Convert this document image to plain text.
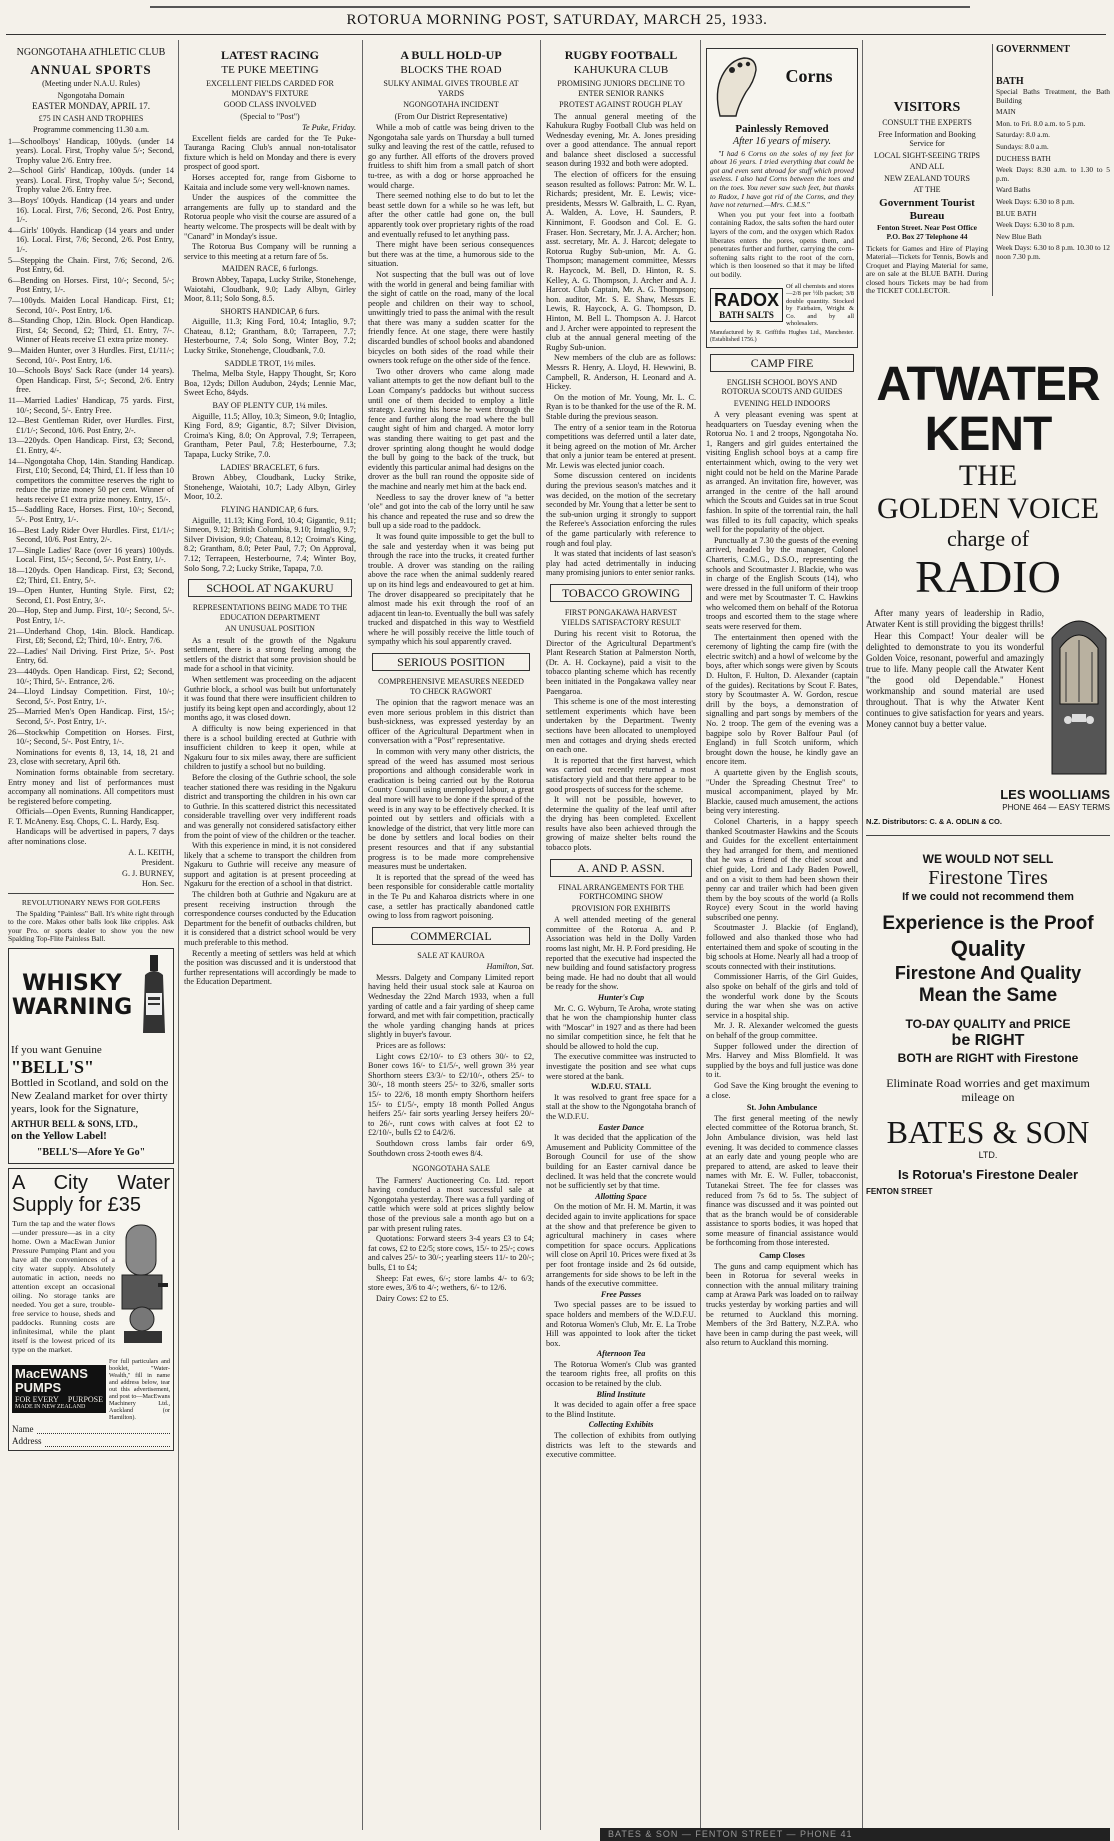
ROTORUA MORNING POST, SATURDAY, MARCH 25, 1933.
NGONGOTAHA ATHLETIC CLUB
ANNUAL SPORTS
(Meeting under N.A.U. Rules)
Ngongotaha Domain
EASTER MONDAY, APRIL 17.
£75 IN CASH AND TROPHIES
Programme commencing 11.30 a.m.

1—Schoolboys' Handicap, 100yds. (under 14 years). Local. First, Trophy value 5/-; Second, Trophy value 2/6. Entry free.

2—School Girls' Handicap, 100yds. (under 14 years). Local. First, Trophy value 5/-; Second, Trophy value 2/6. Entry free.

3—Boys' 100yds. Handicap (14 years and under 16). Local. First, 7/6; Second, 2/6. Post Entry, 1/-.

4—Girls' 100yds. Handicap (14 years and under 16). Local. First, 7/6; Second, 2/6. Post Entry, 1/-.

5—Stepping the Chain. First, 7/6; Second, 2/6. Post Entry, 6d.

6—Bending on Horses. First, 10/-; Second, 5/-; Post Entry, 1/-.

7—100yds. Maiden Local Handicap. First, £1; Second, 10/-. Post Entry, 1/6.

8—Standing Chop, 12in. Block. Open Handicap. First, £4; Second, £2; Third, £1. Entry, 7/-. Winner of Heats receive £1 extra prize money.

9—Maiden Hunter, over 3 Hurdles. First, £1/11/-; Second, 10/-. Post Entry, 1/6.

10—Schools Boys' Sack Race (under 14 years). Open Handicap. First, 5/-; Second, 2/6. Entry free.

11—Married Ladies' Handicap, 75 yards. First, 10/-; Second, 5/-. Entry Free.

12—Best Gentleman Rider, over Hurdles. First, £1/1/-; Second, 10/6. Post Entry, 2/-.

13—220yds. Open Handicap. First, £3; Second, £1. Entry, 4/-.

14—Ngongotaha Chop, 14in. Standing Handicap. First, £10; Second, £4; Third, £1. If less than 10 competitors the committee reserves the right to reduce the prize money 50 per cent. Winner of heats receive £1 extra prize money. Entry, 15/-.

15—Saddling Race, Horses. First, 10/-; Second, 5/-. Post Entry, 1/-.

16—Best Lady Rider Over Hurdles. First, £1/1/-; Second, 10/6. Post Entry, 2/-.

17—Single Ladies' Race (over 16 years) 100yds. Local. First, 15/-; Second, 5/-. Post Entry, 1/-.

18—120yds. Open Handicap. First, £3; Second, £2; Third, £1. Entry, 5/-.

19—Open Hunter, Hunting Style. First, £2; Second, £1. Post Entry, 3/-.

20—Hop, Step and Jump. First, 10/-; Second, 5/-. Post Entry, 1/-.

21—Underhand Chop, 14in. Block. Handicap. First, £8; Second, £2; Third, 10/-. Entry, 7/6.

22—Ladies' Nail Driving. First Prize, 5/-. Post Entry, 6d.

23—440yds. Open Handicap. First, £2; Second, 10/-; Third, 5/-. Entrance, 2/6.

24—Lloyd Lindsay Competition. First, 10/-; Second, 5/-. Post Entry, 1/-.

25—Married Men's Open Handicap. First, 15/-; Second, 5/-. Post Entry, 1/-.

26—Stockwhip Competition on Horses. First, 10/-; Second, 5/-. Post Entry, 1/-.

Nominations for events 8, 13, 14, 18, 21 and 23, close with secretary, April 6th.

Nomination forms obtainable from secretary. Entry money and list of performances must accompany all nominations. All competitors must be registered before competing.

Officials—Open Events, Running Handicapper, F. T. McAneny. Esq. Chops, C. L. Hardy, Esq.

Handicaps will be advertised in papers, 7 days after nominations close.

A. L. KEITH,

President.

G. J. BURNEY,

Hon. Sec.

REVOLUTIONARY NEWS FOR GOLFERS

The Spalding "Painless" Ball. It's white right through to the core. Makes other balls look like cripples. Ask your Pro. or sports dealer to show you the new Spalding Top-Flite Painless Ball.

WHISKY
WARNING
If you want Genuine
"BELL'S"
Bottled in Scotland, and sold on the New Zealand market for over thirty years, look for the Signature,
ARTHUR BELL & SONS, LTD.,
on the Yellow Label!
"BELL'S—Afore Ye Go"
A City Water Supply for £35
Turn the tap and the water flows—under pressure—as in a city home. Own a MacEwan Junior Pressure Pumping Plant and you have all the conveniences of a city water supply. Absolutely automatic in action, needs no attention except an occasional oiling. No storage tanks are needed. You get a sure, trouble-free service to house, sheds and paddocks. Running costs are infinitesimal, while the plant itself is the lowest priced of its type on the market.
MacEWANS PUMPS
FOR EVERY PURPOSE
MADE IN NEW ZEALAND
For full particulars and booklet, "Water-Wealth," fill in name and address below, tear out this advertisement, and post to—MacEwans Machinery Ltd., Auckland (or Hamilton).
Name
Address
LATEST RACING
TE PUKE MEETING
EXCELLENT FIELDS CARDED FOR MONDAY'S FIXTURE
GOOD CLASS INVOLVED
(Special to "Post")

Te Puke, Friday.

Excellent fields are carded for the Te Puke-Tauranga Racing Club's annual non-totalisator fixture which is held on Monday and there is every prospect of good sport.

Horses accepted for, range from Gisborne to Kaitaia and include some very well-known names.

Under the auspices of the committee the arrangements are fully up to standard and the Rotorua people who visit the course are assured of a hearty welcome. The prospects will be dealt with by "Canard" in Monday's issue.

The Rotorua Bus Company will be running a service to this meeting at a return fare of 5s.

MAIDEN RACE, 6 furlongs.

Brown Abbey, Tapapa, Lucky Strike, Stonehenge, Waiotahi, Cloudbank, 9.0; Lady Albyn, Girley Moor, 8.11; Solo Song, 8.5.

SHORTS HANDICAP, 6 furs.

Aiguille, 11.3; King Ford, 10.4; Intaglio, 9.7; Chateau, 8.12; Grantham, 8.0; Tarrapeen, 7.7; Hesterbourne, 7.4; Solo Song, Winter Boy, 7.2; Lucky Strike, Stonehenge, Cloudbank, 7.0.

SADDLE TROT, 1½ miles.

Thelma, Melba Style, Happy Thought, Sr; Koro Boa, 12yds; Dillon Audubon, 24yds; Lennie Mac, Sweet Echo, 84yds.

BAY OF PLENTY CUP, 1¼ miles.

Aiguille, 11.5; Alloy, 10.3; Simeon, 9.0; Intaglio, King Ford, 8.9; Gigantic, 8.7; Silver Division, Croima's King, 8.0; On Approval, 7.9; Terrapeen, Grantham, Peter Paul, 7.8; Hesterbourne, 7.3; Tapapa, Lucky Strike, 7.0.

LADIES' BRACELET, 6 furs.

Brown Abbey, Cloudbank, Lucky Strike, Stonehenge, Waiotahi, 10.7; Lady Albyn, Girley Moor, 10.2.

FLYING HANDICAP, 6 furs.

Aiguille, 11.13; King Ford, 10.4; Gigantic, 9.11; Simeon, 9.12; British Columbia, 9.10; Intaglio, 9.7; Silver Division, 9.0; Chateau, 8.12; Croima's King, 8.2; Grantham, 8.0; Peter Paul, 7.7; On Approval, 7.12; Terrapeen, Hesterbourne, 7.4; Winter Boy, Solo Song, 7.2; Lucky Strike, Tapapa, 7.0.

SCHOOL AT NGAKURU
REPRESENTATIONS BEING MADE TO THE EDUCATION DEPARTMENT
AN UNUSUAL POSITION

As a result of the growth of the Ngakuru settlement, there is a strong feeling among the settlers of the district that some provision should be made for a school in that vicinity.

When settlement was proceeding on the adjacent Guthrie block, a school was built but unfortunately it was found that there were insufficient children to justify its being kept open and accordingly, about 12 months ago, it was closed down.

A difficulty is now being experienced in that there is a school building erected at Guthrie with insufficient children to keep it open, while at Ngakuru four to six miles away, there are sufficient children to justify a school but no building.

Before the closing of the Guthrie school, the sole teacher stationed there was residing in the Ngakuru district and transporting the children in his own car to Guthrie. In this scattered district this necessitated considerable travelling over very indifferent roads and was generally not considered satisfactory either from the point of view of the children or the teacher.

With this experience in mind, it is not considered likely that a scheme to transport the children from Ngakuru to Guthrie will receive any measure of support and agitation is at present proceeding at Ngakuru for the erection of a school in that district.

The children both at Guthrie and Ngakuru are at present receiving instruction through the correspondence courses conducted by the Education Department for the benefit of outbacks children, but it is considered that a district school would be very much preferable to this method.

Recently a meeting of settlers was held at which the position was discussed and it is understood that further representations will accordingly be made to the Education Department.

A BULL HOLD-UP
BLOCKS THE ROAD
SULKY ANIMAL GIVES TROUBLE AT YARDS
NGONGOTAHA INCIDENT
(From Our District Representative)

While a mob of cattle was being driven to the Ngongotaha sale yards on Thursday a bull turned sulky and leaving the rest of the cattle, refused to go any further. All efforts of the drovers proved fruitless to shift him from a small patch of short tu-tree, as with a dog or horse approached he would charge.

There seemed nothing else to do but to let the beast settle down for a while so he was left, but after the other cattle had gone on, the bull apparently took over proprietary rights of the road and eventually refused to let anything pass.

There might have been serious consequences but there was at the time, a humorous side to the situation.

Not suspecting that the bull was out of love with the world in general and being familiar with the sight of cattle on the road, many of the local people and children on their way to school, unwittingly tried to pass the animal with the result that there was many a sudden scatter for the friendly fence. At one stage, there were hastily discarded bundles of school books and abandoned bicycles on both sides of the road while their owners took refuge on the other side of the fence.

Two other drovers who came along made valiant attempts to get the now defiant bull to the Loan Company's paddocks but without success until one of them decided to employ a little strategy. Leaving his horse he went through the fence and further along the road where the bull caught sight of him and charged. A motor lorry was standing there waiting to get past and the drover sprinting along thought he would dodge the bull by going to the back of the truck, but evidently this particular animal had designs on the drover as the bull ran round the opposite side of the machine and nearly met him at the back end.

Needless to say the drover knew of "a better 'ole" and got into the cab of the lorry until he saw his chance and repeated the ruse and so drew the bull up a side road to the paddock.

It was found quite impossible to get the bull to the sale and yesterday when it was being put through the race into the trucks, it created further trouble. A drover was standing on the railing above the race when the animal suddenly reared up on its hind legs and endeavoured to get at him. The drover disappeared so precipitately that he almost made his exit through the roof of an adjacent tin lean-to. Eventually the bull was safely trucked and dispatched in this way to Westfield where he will possibly receive the little touch of sympathy which his soul apparently craved.

SERIOUS POSITION
COMPREHENSIVE MEASURES NEEDED TO CHECK RAGWORT

The opinion that the ragwort menace was an even more serious problem in this district than bush-sickness, was expressed yesterday by an officer of the Agricultural Department when in conversation with a "Post" representative.

In common with very many other districts, the spread of the weed has assumed most serious proportions and although considerable work in eradication is being carried out by the Rotorua County Council using unemployed labour, a great deal more will have to be done if the spread of the weed is in any way to be effectively checked. It is pointed out by settlers and officials with a knowledge of the district, that very little more can be done by settlers and local bodies on their present resources and that if any substantial progress is to be made more comprehensive measures must be undertaken.

It is reported that the spread of the weed has been responsible for considerable cattle mortality in the Te Pu and Kaharoa districts where in one case, a settler has practically abandoned cattle owing to loss from ragwort poisoning.

COMMERCIAL
SALE AT KAUROA

Hamilton, Sat.

Messrs. Dalgety and Company Limited report having held their usual stock sale at Kauroa on Wednesday the 22nd March 1933, when a full yarding of cattle and a fair yarding of sheep came forward, and met with fair competition, practically the whole yarding changing hands at prices slightly in buyer's favour.

Prices are as follows:

Light cows £2/10/- to £3 others 30/- to £2, Boner cows 16/- to £1/5/-, well grown 3½ year Shorthorn steers £3/3/- to £2/10/-, others 25/- to 30/-, 18 month steers 25/- to 32/6, smaller sorts 15/- to 22/6, 18 month empty Shorthorn heifers 15/- to £1/5/-, empty 18 month Polled Angus heifers 25/- fair sorts yearling Jersey heifers 20/- to 26/-, runt cows with calves at foot £2 to £2/10/-, bulls £2 to £4/2/6.

Southdown cross lambs fair order 6/9, Southdown cross 2-tooth ewes 8/4.

NGONGOTAHA SALE

The Farmers' Auctioneering Co. Ltd. report having conducted a most successful sale at Ngongotaha yesterday. There was a full yarding of cattle which were sold at prices slightly below those of the previous sale a month ago but on a par with present ruling rates.

Quotations: Forward steers 3-4 years £3 to £4; fat cows, £2 to £2/5; store cows, 15/- to 25/-; cows and calves 25/- to 30/-; yearling steers 11/- to 20/-; bulls, £1 to £4;

Sheep: Fat ewes, 6/-; store lambs 4/- to 6/3; store ewes, 3/6 to 4/-; wethers, 6/- to 12/6.

Dairy Cows: £2 to £5.

RUGBY FOOTBALL
KAHUKURA CLUB
PROMISING JUNIORS DECLINE TO ENTER SENIOR RANKS
PROTEST AGAINST ROUGH PLAY

The annual general meeting of the Kahukura Rugby Football Club was held on Wednesday evening, Mr. A. Jones presiding over a good attendance. The annual report and balance sheet disclosed a successful season during 1932 and both were adopted.

The election of officers for the ensuing season resulted as follows: Patron: Mr. W. L. Richards; president, Mr. E. Lewis; vice-presidents, Messrs W. Galbraith, L. C. Ryan, A. Walden, A. Love, H. Saunders, P. Kinnimont, F. Goodson and Col. E. G. Fraser. Hon. Secretary, Mr. J. A. Archer; hon. asst. secretary, Mr. A. J. Harcot; delegate to Rotorua Rugby Sub-union, Mr. A. G. Thompson; management committee, Messrs R. Haycock, M. Bell, D. Hinton, R. S. Kelley, A. G. Thompson, J. Archer and A. J. Harcot. Club Captain, Mr. A. G. Thompson; hon. auditor, Mr. S. E. Shaw, Messrs E. Lewis, R. Haycock, A. G. Thompson, D. Hinton, M. Bell L. Thompson A. J. Harcot and J. Archer were appointed to represent the club at the annual general meeting of the Rugby Sub-union.

New members of the club are as follows: Messrs R. Henry, A. Lloyd, H. Hewwini, B. Campbell, R. Anderson, H. Leonard and A. Hickey.

On the motion of Mr. Young, Mr. L. C. Ryan is to be thanked for the use of the R. M. Stable during the previous season.

The entry of a senior team in the Rotorua competitions was deferred until a later date, it being agreed on the motion of Mr. Archer that only a junior team be entered at present. Mr. Lewis was elected junior coach.

Some discussion centered on incidents during the previous season's matches and it was decided, on the motion of the secretary seconded by Mr. Young that a letter be sent to the sub-union urging it strongly to support the Referee's Association enforcing the rules of the game particularly with reference to rough and foul play.

It was stated that incidents of last season's play had acted detrimentally in inducing many promising juniors to enter senior ranks.

TOBACCO GROWING
FIRST PONGAKAWA HARVEST YIELDS SATISFACTORY RESULT

During his recent visit to Rotorua, the Director of the Agricultural Department's Plant Research Station at Palmerston North, (Dr. A. H. Cockayne), paid a visit to the tobacco planting scheme which has recently been initiated in the Pongakawa valley near Paengaroa.

This scheme is one of the most interesting settlement experiments which have been undertaken by the Department. Twenty sections have been allocated to unemployed men and cottages and drying sheds erected on each one.

It is reported that the first harvest, which was carried out recently returned a most satisfactory yield and that there appear to be good prospects of success for the scheme.

It will not be possible, however, to determine the quality of the leaf until after the drying has been completed. Excellent results have also been achieved through the growing of maize shelter belts round the tobacco plots.

A. AND P. ASSN.
FINAL ARRANGEMENTS FOR THE FORTHCOMING SHOW
PROVISION FOR EXHIBITS

A well attended meeting of the general committee of the Rotorua A. and P. Association was held in the Dolly Varden rooms last night, Mr. H. P. Ford presiding. He reported that the executive had inspected the new building and found satisfactory progress being made. He had no doubt that all would be ready for the show.

Hunter's Cup

Mr. C. G. Wyburn, Te Aroha, wrote stating that he won the championship hunter class with "Moscar" in 1927 and as there had been no similar competition since, he felt that he should be allowed to hold the cup.

The executive committee was instructed to investigate the position and see what cups were stored at the bank.

W.D.F.U. STALL

It was resolved to grant free space for a stall at the show to the Ngongotaha branch of the W.D.F.U.

Easter Dance

It was decided that the application of the Amusement and Publicity Committee of the Borough Council for use of the show building for an Easter carnival dance be declined. It was held that the concrete would not be sufficiently set by that time.

Allotting Space

On the motion of Mr. H. M. Martin, it was decided again to invite applications for space at the show and that preference be given to agricultural machinery in cases where competition for space occurs. Applications will close on April 10. Prices were fixed at 3s per foot frontage inside and 2s 6d outside, arrangements for side shows to be left in the hands of the executive committee.

Free Passes

Two special passes are to be issued to space holders and members of the W.D.F.U. and Rotorua Women's Club, Mr. E. La Trobe Hill was appointed to look after the ticket box.

Afternoon Tea

The Rotorua Women's Club was granted the tearoom rights free, all profits on this occasion to be retained by the club.

Blind Institute

It was decided to again offer a free space to the Blind Institute.

Collecting Exhibits

The collection of exhibits from outlying districts was left to the stewards and executive committee.

Corns
Painlessly Removed
After 16 years of misery.

"I had 6 Corns on the soles of my feet for about 16 years. I tried everything that could be got and even sent abroad for stuff which proved useless. I also had Corns between the toes and on the toes. You never saw such feet, but thanks to Radox, I have got rid of the Corns, and they have not returned.—Mrs. C.M.S."

When you put your feet into a footbath containing Radox, the salts soften the hard outer layers of the corn, and the oxygen which Radox liberates enters the pores, opens them, and penetrates further and further, carrying the corn-softening salts right to the root of the corn, which is then loosened so that it may be lifted out bodily.

RADOX
BATH SALTS
Of all chemists and stores—2/8 per ½lb packet; 3/8 double quantity. Stocked by Fairbairn, Wright & Co. and by all wholesalers.
Manufactured by R. Griffiths Hughes Ltd., Manchester. (Established 1756.)
CAMP FIRE
ENGLISH SCHOOL BOYS AND ROTORUA SCOUTS AND GUIDES
EVENING HELD INDOORS

A very pleasant evening was spent at headquarters on Tuesday evening when the Rotorua No. 1 and 2 troops, Ngongotaha No. 1, Rangers and girl guides entertained the visiting English school boys at a camp fire entertainment which, owing to the very wet night could not be held on the Marine Parade as arranged. An invitation fire, however, was arranged in the centre of the hall around which the Scouts and Guides sat in true Scout fashion. In spite of the torrential rain, the hall was filled to its full capacity, which speaks well for the popularity of the object.

Punctually at 7.30 the guests of the evening arrived, headed by the manager, Colonel Charteris, C.M.G., D.S.O., representing the schools and Scoutmaster J. Blackie, who was in charge of the English Scouts (14), who were dressed in the full uniform of their troop and were met by Scoutmaster T. C. Hawkins who welcomed them on behalf of the Rotorua troops and escorted them to the stage where seats were reserved for them.

The entertainment then opened with the ceremony of lighting the camp fire (with the electric switch) and a howl of welcome by the boys, after which songs were given by Scouts D. Hulton, F. Hulton, D. Alexander (captain of the guides). Recitations by Scout F. Bates, story by Scoutmaster A. W. Gordon, rescue drill by the boys, a demonstration of signalling and part songs by members of the No. 2 troop. The gem of the evening was a bagpipe solo by Rover Balfour Paul (of England) in full Scotch uniform, which brought down the house, he kindly gave an encore item.

A quartette given by the English scouts, "Under the Spreading Chestnut Tree" to musical accompaniment, played by Mr. Blackie, caused much amusement, the actions being very interesting.

Colonel Charteris, in a happy speech thanked Scoutmaster Hawkins and the Scouts and Guides for the excellent entertainment they had arranged for them, and mentioned that he was a friend of the chief scout and chief guide, Lord and Lady Baden Powell, and on a visit to them had been shown their penny car and trailer which had been given them by the boy scouts of the world (a Rolls Royce) every Scout in the world having subscribed one penny.

Scoutmaster J. Blackie (of England), followed and also thanked those who had entertained them and spoke of scouting in the big schools at Home. Nearly all had a troop of scouts connected with their institutions.

Commissioner Harris, of the Girl Guides, also spoke on behalf of the girls and told of the wonderful work done by the Scouts during the war when she was on active service in a hospital ship.

Mr. J. R. Alexander welcomed the guests on behalf of the group committee.

Supper followed under the direction of Mrs. Harvey and Miss Blomfield. It was supplied by the boys and full justice was done to it.

God Save the King brought the evening to a close.

St. John Ambulance

The first general meeting of the newly elected committee of the Rotorua branch, St. John Ambulance division, was held last evening. It was decided to commence classes at an early date and young people who are prepared to attend, are asked to leave their names with Mr. E. W. Fuller, tobacconist, Tutanekai Street. The fee for classes was reduced from 7s 6d to 5s. The subject of finance was discussed and it was pointed out that as the branch would be of considerable assistance to sports bodies, it was hoped that some measure of financial assistance would be forthcoming from those interested.

Camp Closes

The guns and camp equipment which has been in Rotorua for several weeks in connection with the annual military training camp at Arawa Park was loaded on to railway trucks yesterday by working parties and will be returned to Auckland this morning. Members of the 3rd Battery, N.Z.P.A. who have been in camp during the past week, will also return to Auckland this morning.

VISITORS
CONSULT THE EXPERTS
Free Information and Booking Service for
LOCAL SIGHT-SEEING TRIPS
AND ALL
NEW ZEALAND TOURS
AT THE
Government Tourist
Bureau
Fenton Street. Near Post Office
P.O. Box 27 Telephone 44
Tickets for Games and Hire of Playing Material—Tickets for Tennis, Bowls and Croquet and Playing Material for same, are on sale at the BLUE BATH. During closed hours Tickets may be had from the TICKET COLLECTOR.
GOVERNMENT
BATH
Special Baths Treatment, the Bath Building
MAIN
Mon. to Fri. 8.0 a.m. to 5 p.m.
Saturday: 8.0 a.m.
Sundays: 8.0 a.m.
DUCHESS BATH
Week Days: 8.30 a.m. to 1.30 to 5 p.m.
Ward Baths
Week Days: 6.30 to 8 p.m.
BLUE BATH
Week Days: 6.30 to 8 p.m.
New Blue Bath
Week Days: 6.30 to 8 p.m. 10.30 to 12 noon 7.30 p.m.
ATWATER
KENT
THE
GOLDEN VOICE
charge of
RADIO

After many years of leadership in Radio, Atwater Kent is still providing the biggest thrills!

Hear this Compact! Your dealer will be delighted to demonstrate to you its wonderful Golden Voice, resonant, powerful and amazingly true to life. Many people call the Atwater Kent "the good old Dependable." Honest workmanship and sound material are used throughout. That is why the Atwater Kent continues to give satisfaction for years and years. Money cannot buy a better value.

LES WOOLLIAMS
PHONE 464 — EASY TERMS
N.Z. Distributors: C. & A. ODLIN & CO.
WE WOULD NOT SELL
Firestone Tires
If we could not recommend them
Experience is the Proof
Quality
Firestone And Quality
Mean the Same
TO-DAY QUALITY and PRICE
be RIGHT
BOTH are RIGHT with Firestone
Eliminate Road worries and get maximum mileage on
BATES & SON
LTD.
Is Rotorua's Firestone Dealer
FENTON STREET
BATES & SON — FENTON STREET — PHONE 41
